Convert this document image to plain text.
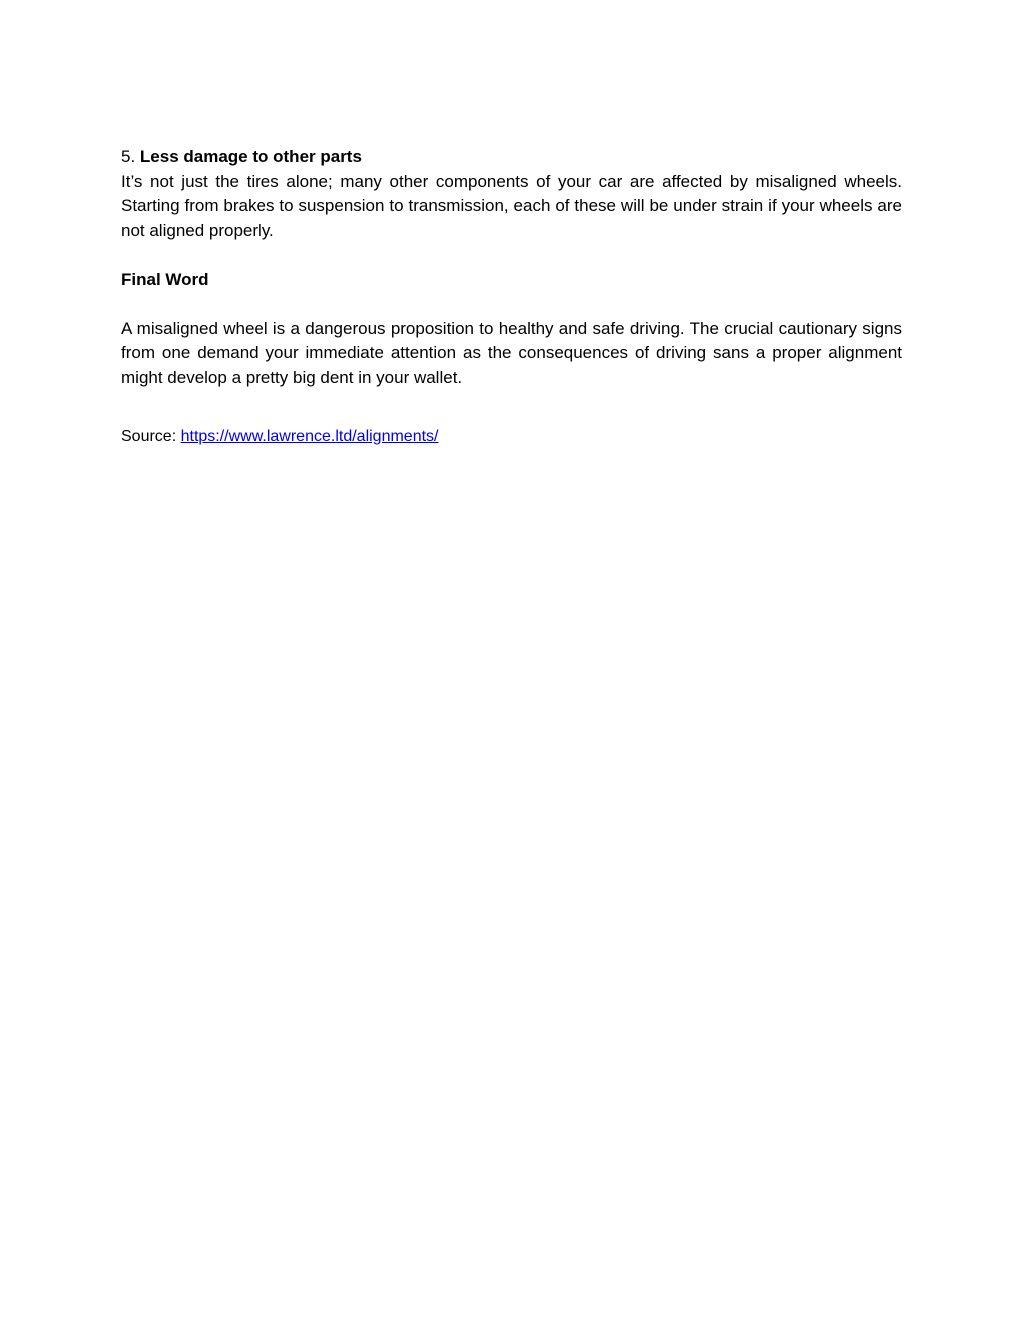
5. Less damage to other parts

It’s not just the tires alone; many other components of your car are affected by misaligned wheels. Starting from brakes to suspension to transmission, each of these will be under strain if your wheels are not aligned properly.

Final Word

A misaligned wheel is a dangerous proposition to healthy and safe driving. The crucial cautionary signs from one demand your immediate attention as the consequences of driving sans a proper alignment might develop a pretty big dent in your wallet.

Source: https://www.lawrence.ltd/alignments/
